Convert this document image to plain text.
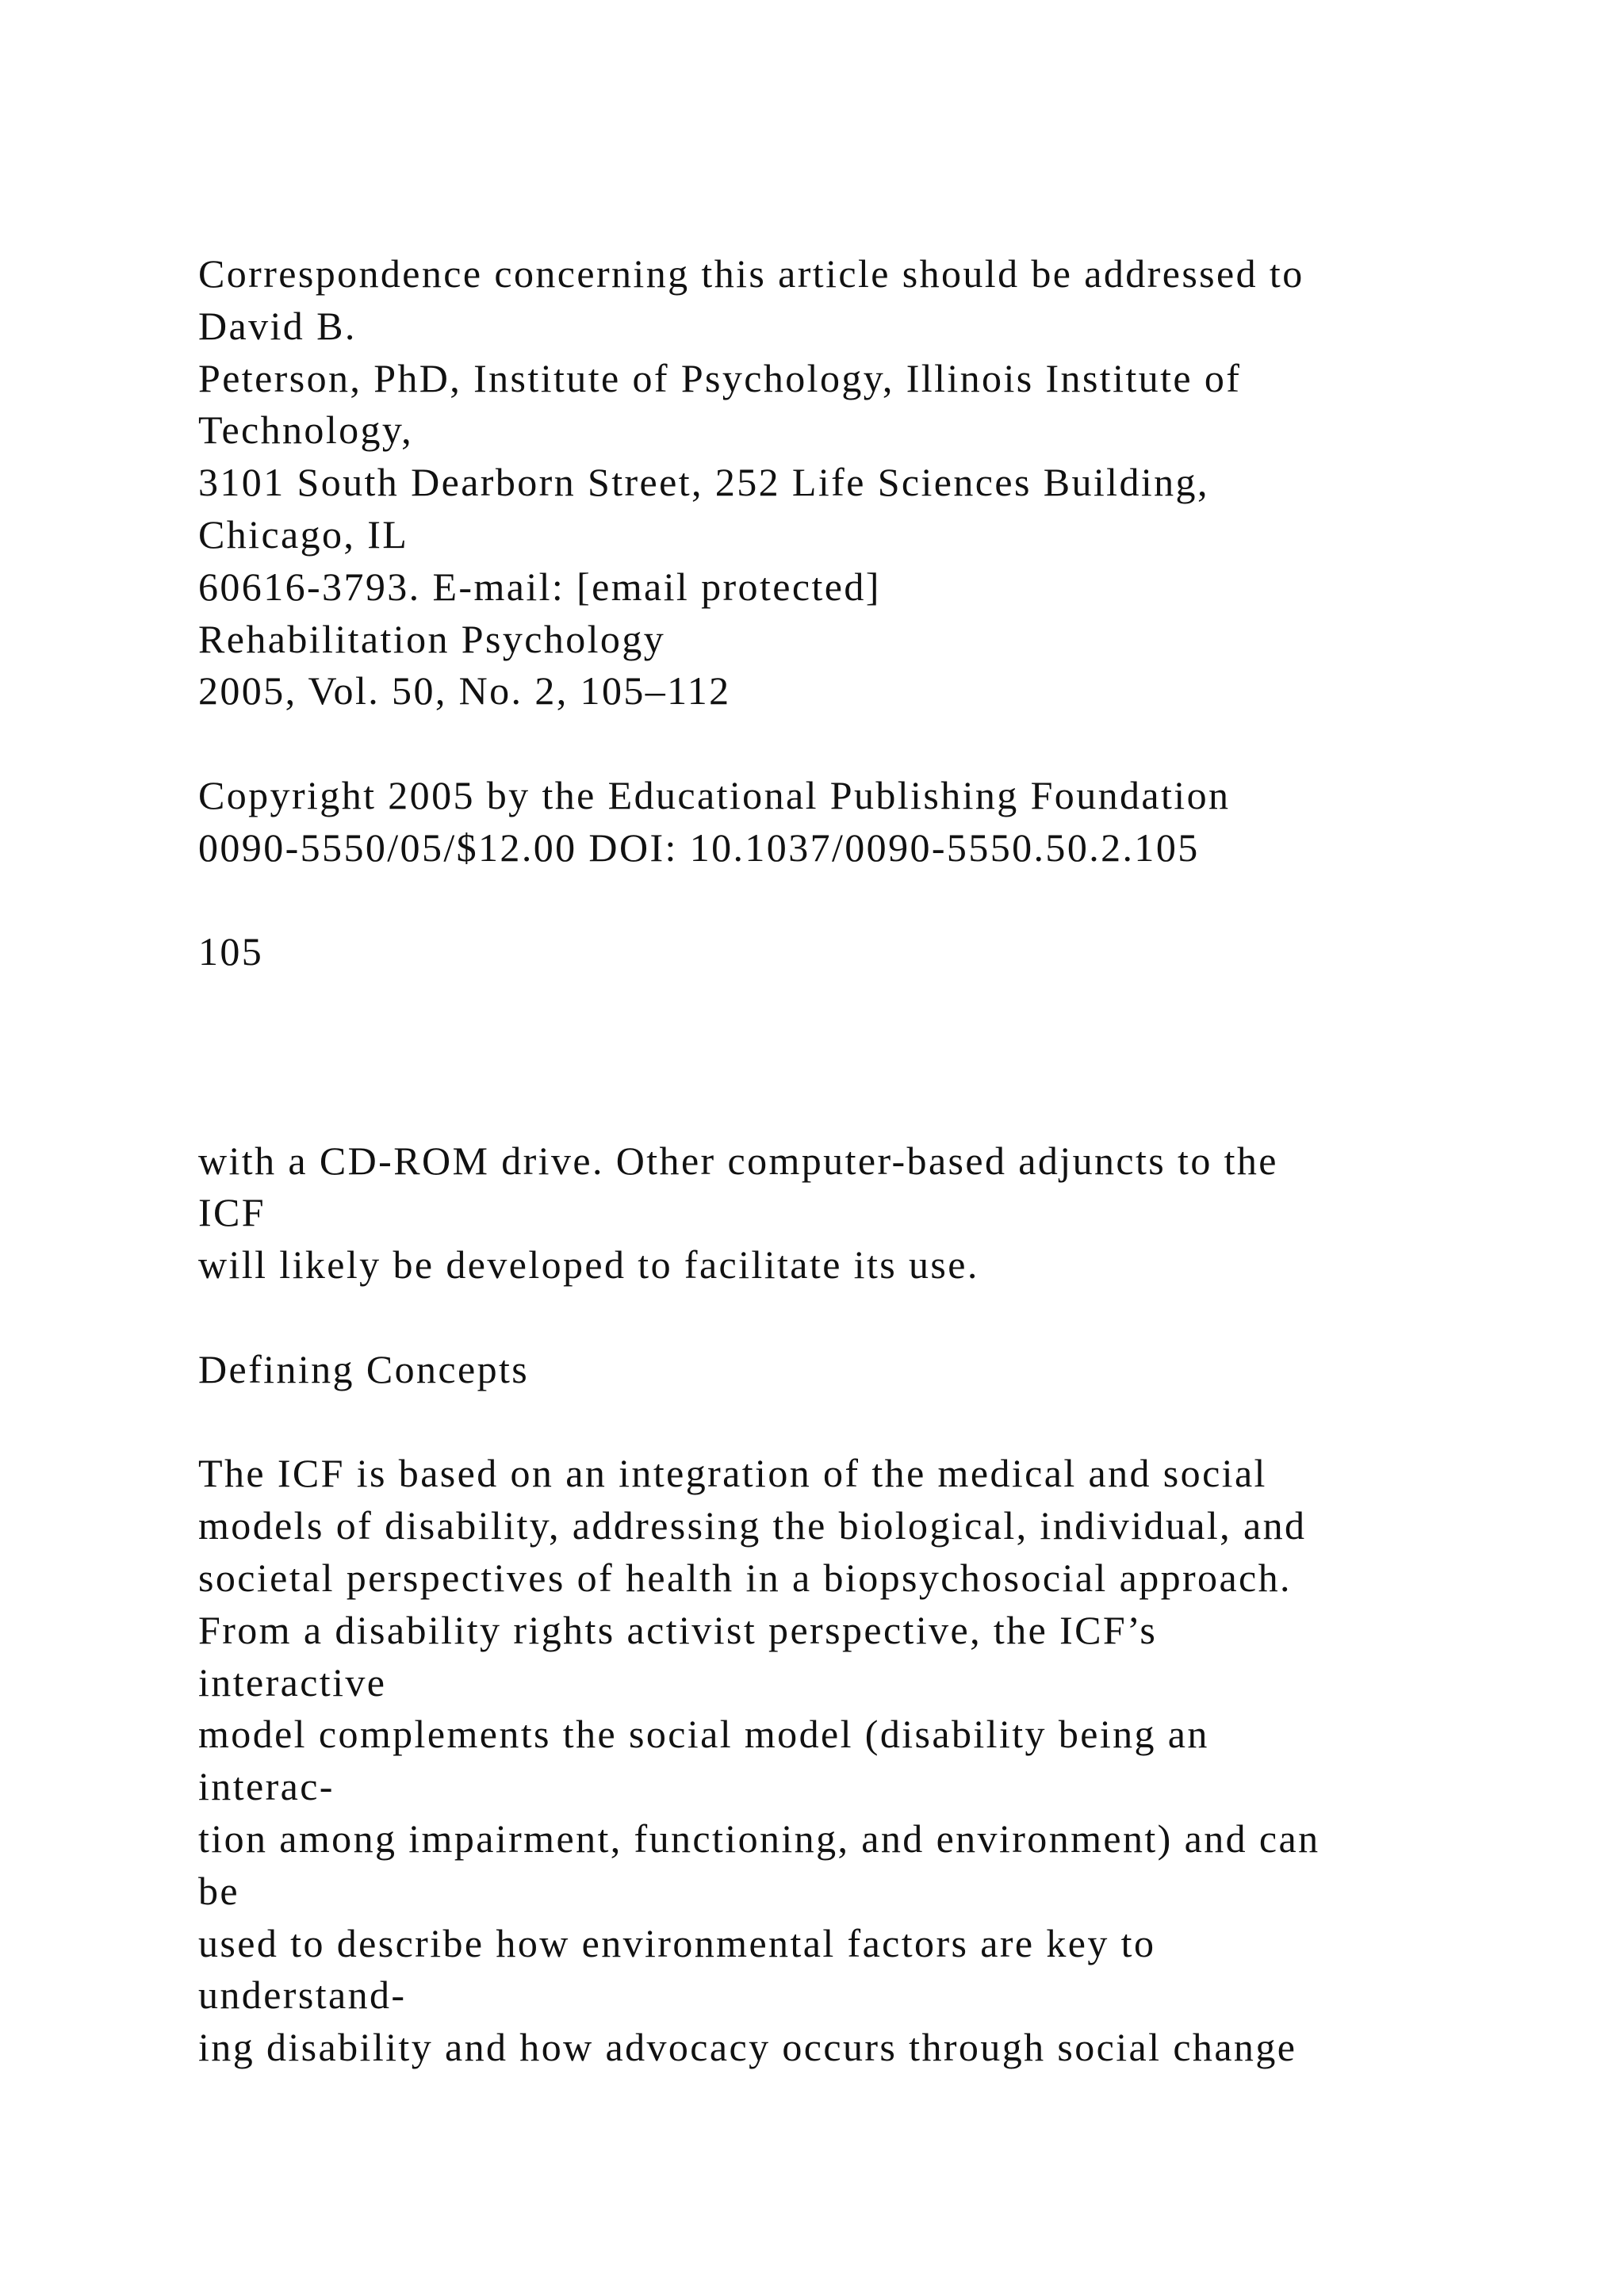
Correspondence concerning this article should be addressed to
David B.
Peterson, PhD, Institute of Psychology, Illinois Institute of
Technology,
3101 South Dearborn Street, 252 Life Sciences Building,
Chicago, IL
60616-3793. E-mail: [email protected]
Rehabilitation Psychology
2005, Vol. 50, No. 2, 105–112
Copyright 2005 by the Educational Publishing Foundation
0090-5550/05/$12.00 DOI: 10.1037/0090-5550.50.2.105
105
with a CD-ROM drive. Other computer-based adjuncts to the
ICF
will likely be developed to facilitate its use.
Defining Concepts
The ICF is based on an integration of the medical and social
models of disability, addressing the biological, individual, and
societal perspectives of health in a biopsychosocial approach.
From a disability rights activist perspective, the ICF’s
interactive
model complements the social model (disability being an
interac-
tion among impairment, functioning, and environment) and can
be
used to describe how environmental factors are key to
understand-
ing disability and how advocacy occurs through social change
